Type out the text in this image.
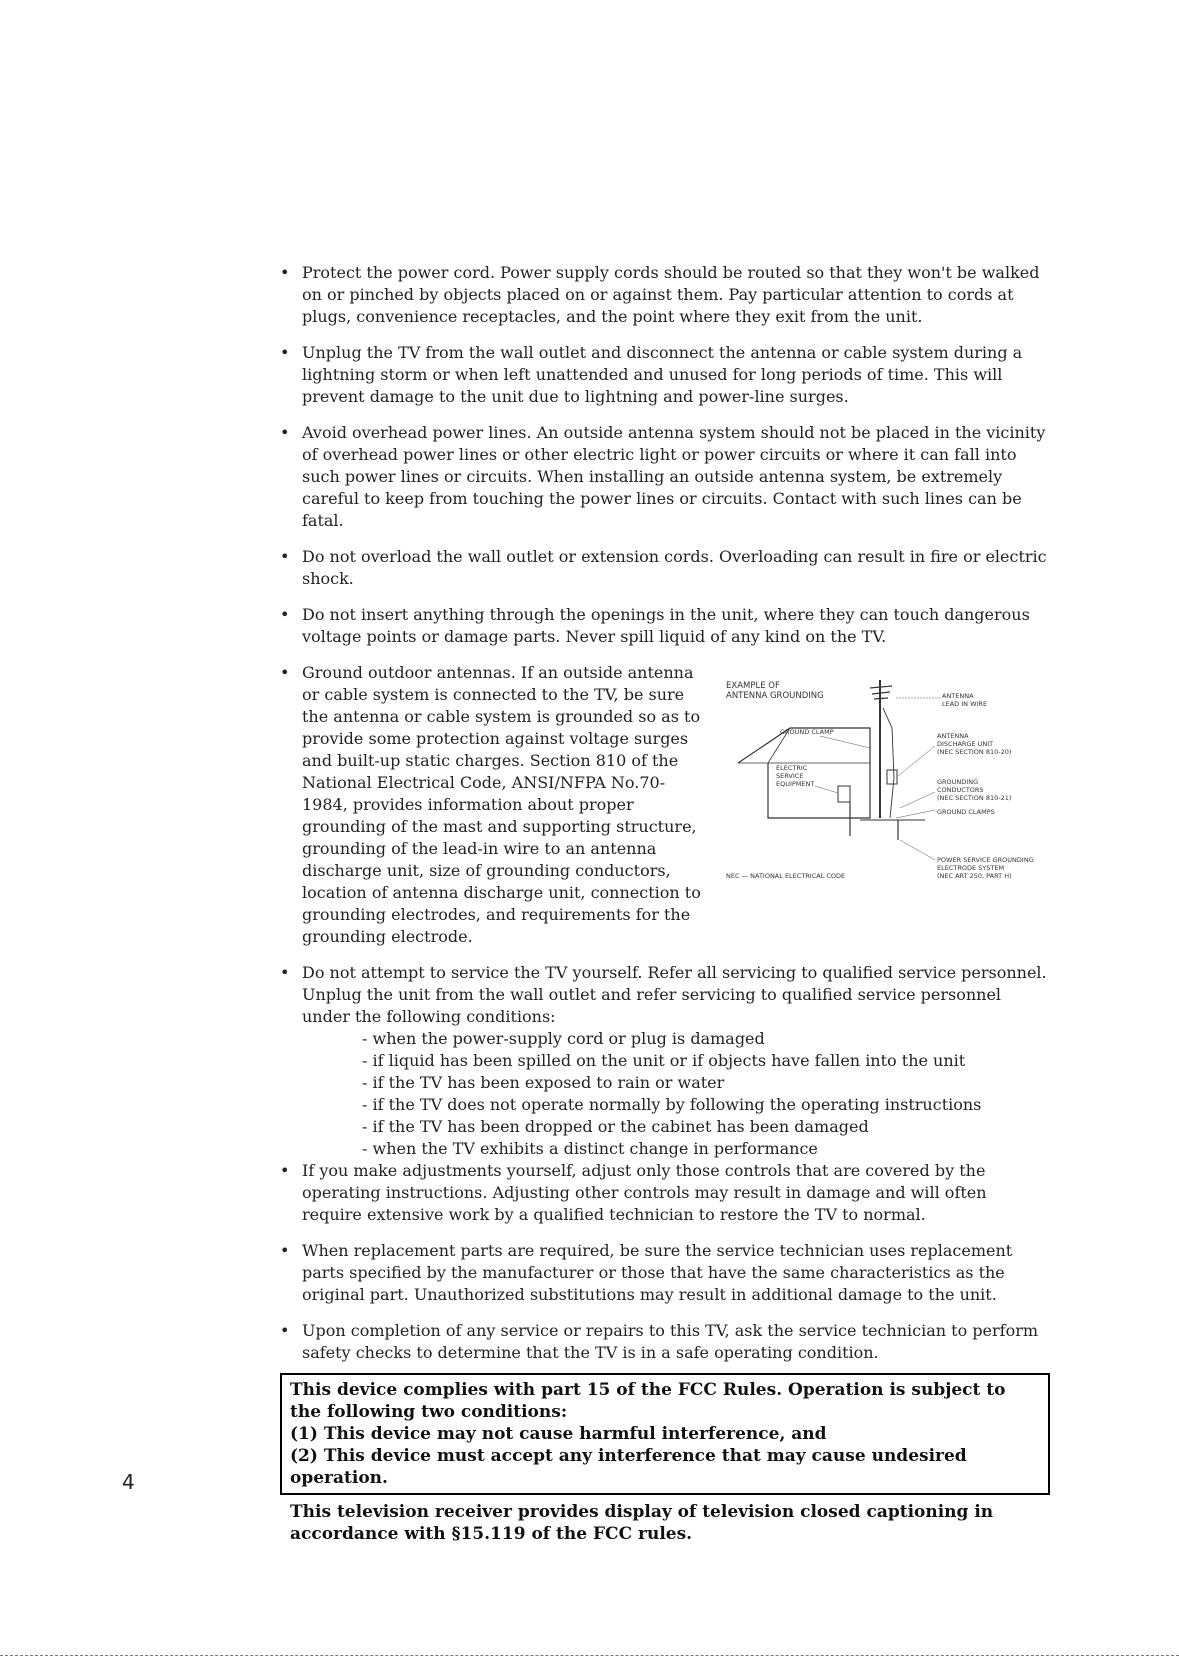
• Protect the power cord. Power supply cords should be routed so that they won't be walked on or pinched by objects placed on or against them. Pay particular attention to cords at plugs, convenience receptacles, and the point where they exit from the unit.
• Unplug the TV from the wall outlet and disconnect the antenna or cable system during a lightning storm or when left unattended and unused for long periods of time. This will prevent damage to the unit due to lightning and power-line surges.
• Avoid overhead power lines. An outside antenna system should not be placed in the vicinity of overhead power lines or other electric light or power circuits or where it can fall into such power lines or circuits. When installing an outside antenna system, be extremely careful to keep from touching the power lines or circuits. Contact with such lines can be fatal.
• Do not overload the wall outlet or extension cords. Overloading can result in fire or electric shock.
• Do not insert anything through the openings in the unit, where they can touch dangerous voltage points or damage parts. Never spill liquid of any kind on the TV.
• Ground outdoor antennas. If an outside antenna or cable system is connected to the TV, be sure the antenna or cable system is grounded so as to provide some protection against voltage surges and built-up static charges. Section 810 of the National Electrical Code, ANSI/NFPA No.70-1984, provides information about proper grounding of the mast and supporting structure, grounding of the lead-in wire to an antenna discharge unit, size of grounding conductors, location of antenna discharge unit, connection to grounding electrodes, and requirements for the grounding electrode.
EXAMPLE OF
ANTENNA GROUNDING	ANTENNA
LEAD IN WIRE
GROUND CLAMP	ANTENNA
DISCHARGE UNIT
(NEC SECTION 810-20)
ELECTRIC
SERVICE
EQUIPMENT	GROUNDING
CONDUCTORS
(NEC SECTION 810-21)
GROUND CLAMPS
POWER SERVICE GROUNDING
ELECTRODE SYSTEM
(NEC ART 250, PART H)
NEC — NATIONAL ELECTRICAL CODE
• Do not attempt to service the TV yourself. Refer all servicing to qualified service personnel. Unplug the unit from the wall outlet and refer servicing to qualified service personnel under the following conditions:
- when the power-supply cord or plug is damaged
- if liquid has been spilled on the unit or if objects have fallen into the unit
- if the TV has been exposed to rain or water
- if the TV does not operate normally by following the operating instructions
- if the TV has been dropped or the cabinet has been damaged
- when the TV exhibits a distinct change in performance
• If you make adjustments yourself, adjust only those controls that are covered by the operating instructions. Adjusting other controls may result in damage and will often require extensive work by a qualified technician to restore the TV to normal.
• When replacement parts are required, be sure the service technician uses replacement parts specified by the manufacturer or those that have the same characteristics as the original part. Unauthorized substitutions may result in additional damage to the unit.
• Upon completion of any service or repairs to this TV, ask the service technician to perform safety checks to determine that the TV is in a safe operating condition.

This device complies with part 15 of the FCC Rules. Operation is subject to the following two conditions:

(1) This device may not cause harmful interference, and

(2) This device must accept any interference that may cause undesired operation.

This television receiver provides display of television closed captioning in accordance with §15.119 of the FCC rules.

4
